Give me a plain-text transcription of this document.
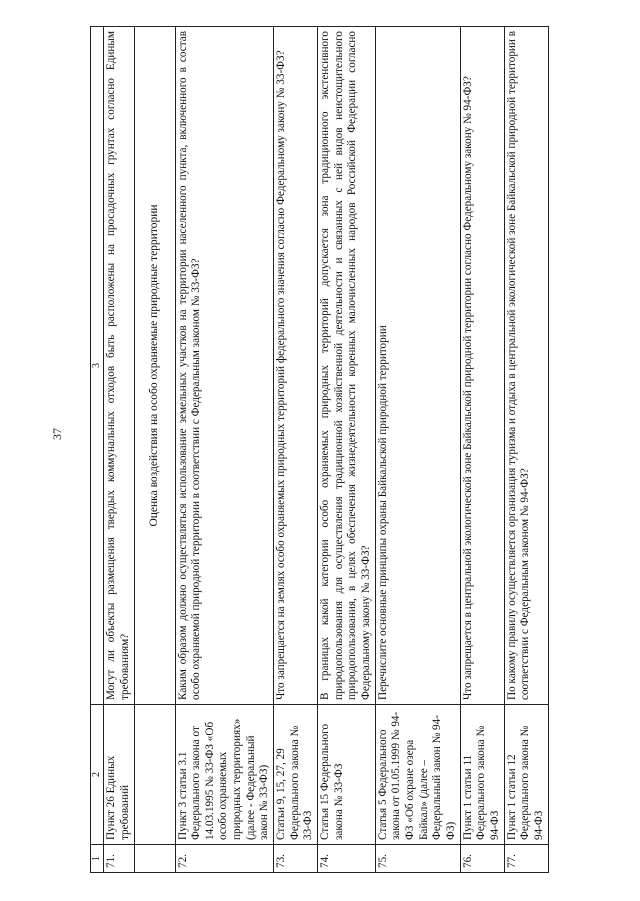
37
1	2	3
71.	Пункт 26 Единых требований	Могут ли объекты размещения твердых коммунальных отходов быть расположены на просадочных грунтах согласно Единым требованиям?
		Оценка воздействия на особо охраняемые природные территории
72.	Пункт 3 статьи 3.1 Федерального закона от 14.03.1995 № 33-ФЗ «Об особо охраняемых природных территориях» (далее - Федеральный закон № 33-ФЗ)	Каким образом должно осуществляться использование земельных участков на территории населенного пункта, включенного в состав особо охраняемой природной территории в соответствии с Федеральным законом № 33-ФЗ?
73.	Статьи 9, 15, 27, 29 Федерального закона № 33-ФЗ	Что запрещается на землях особо охраняемых природных территорий федерального значения согласно Федеральному закону № 33-ФЗ?
74.	Статья 15 Федерального закона № 33-ФЗ	В границах какой категории особо охраняемых природных территорий допускается зона традиционного экстенсивного природопользования для осуществления традиционной хозяйственной деятельности и связанных с ней видов неистощительного природопользования, в целях обеспечения жизнедеятельности коренных малочисленных народов Российской Федерации согласно Федеральному закону № 33-ФЗ?
75.	Статья 5 Федерального закона от 01.05.1999 № 94-ФЗ «Об охране озера Байкал» (далее – Федеральный закон № 94-ФЗ)	Перечислите основные принципы охраны Байкальской природной территории
76.	Пункт 1 статьи 11 Федерального закона № 94-ФЗ	Что запрещается в центральной экологической зоне Байкальской природной территории согласно Федеральному закону № 94-ФЗ?
77.	Пункт 1 статьи 12 Федерального закона № 94-ФЗ	По какому правилу осуществляется организация туризма и отдыха в центральной экологической зоне Байкальской природной территории в соответствии с Федеральным законом № 94-ФЗ?
